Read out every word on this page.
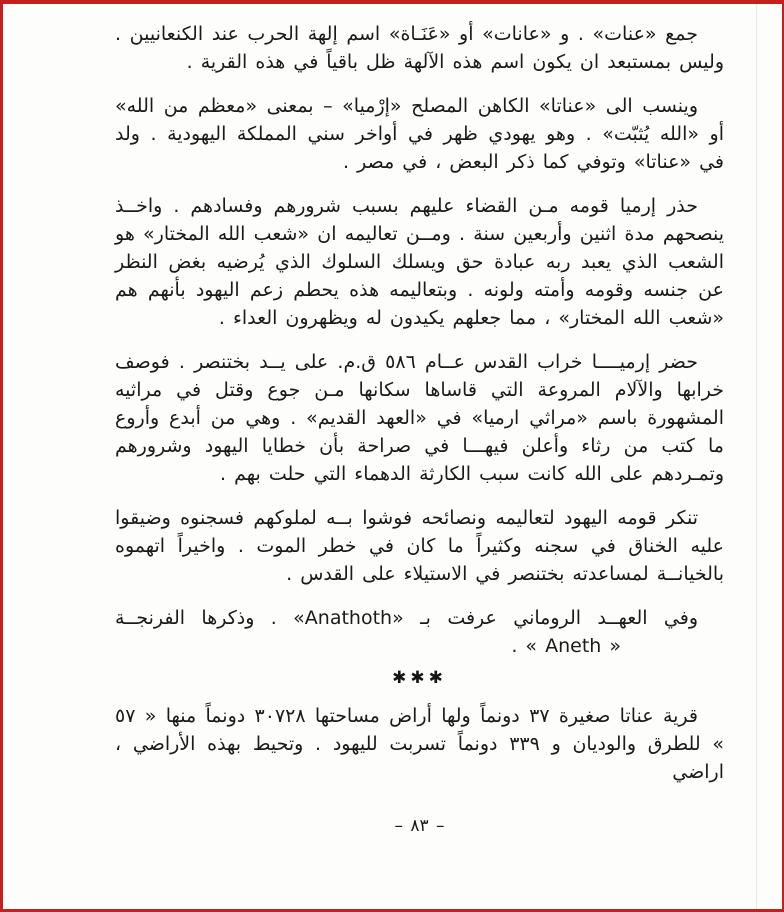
جمع «عنات» . و «عانات» أو «عَنَـاة» اسم إلهة الحرب عند الكنعانيين . وليس بمستبعد ان يكون اسم هذه الآلهة ظل باقياً في هذه القرية .

وينسب الى «عناتا» الكاهن المصلح «إرْميا» – بمعنى «معظم من الله» أو «الله يُثبّت» . وهو يهودي ظهر في أواخر سني المملكة اليهودية . ولد في «عناتا» وتوفي كما ذكر البعض ، في مصر .

حذر إرميا قومه مـن القضاء عليهم بسبب شرورهم وفسادهم . واخــذ ينصحهم مدة اثنين وأربعين سنة . ومــن تعاليمه ان «شعب الله المختار» هو الشعب الذي يعبد ربه عبادة حق ويسلك السلوك الذي يُرضيه بغض النظر عن جنسه وقومه وأمته ولونه . وبتعاليمه هذه يحطم زعم اليهود بأنهم هم «شعب الله المختار» ، مما جعلهم يكيدون له ويظهرون العداء .

حضر إرميــــا خراب القدس عــام ٥٨٦ ق.م. على يــد بختنصر . فوصف خرابها والآلام المروعة التي قاساها سكانها مـن جوع وقتل في مراثيه المشهورة باسم «مراثي ارميا» في «العهد القديم» . وهي من أبدع وأروع ما كتب من رثاء وأعلن فيهـــا في صراحة بأن خطايا اليهود وشرورهم وتمـردهم على الله كانت سبب الكارثة الدهماء التي حلت بهم .

تنكر قومه اليهود لتعاليمه ونصائحه فوشوا بــه لملوكهم فسجنوه وضيقوا عليه الخناق في سجنه وكثيراً ما كان في خطر الموت . واخيراً اتهموه بالخيانــة لمساعدته بختنصر في الاستيلاء على القدس .

وفي العهــد الروماني عرفت بـ «Anathoth» . وذكرها الفرنجــة

« Aneth » .
✱✱✱

قرية عناتا صغيرة ٣٧ دونماً ولها أراض مساحتها ٣٠٧٢٨ دونماً منها « ٥٧ » للطرق والوديان و ٣٣٩ دونماً تسربت لليهود . وتحيط بهذه الأراضي ، اراضي

– ٨٣ –
